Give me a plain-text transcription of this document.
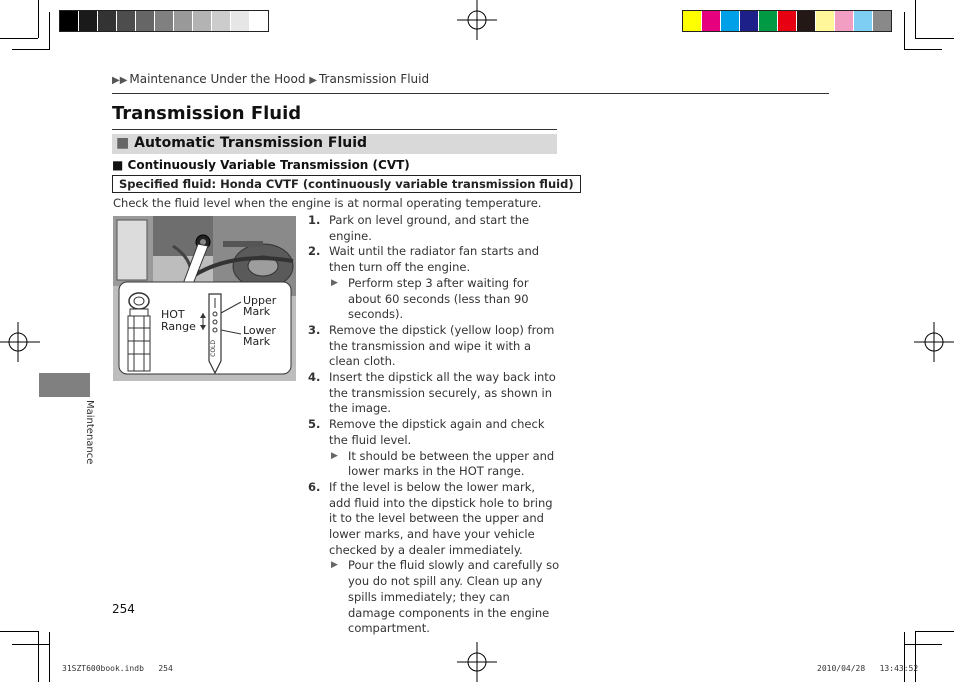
▶▶ Maintenance Under the Hood ▶ Transmission Fluid
Transmission Fluid
■ Automatic Transmission Fluid
■ Continuously Variable Transmission (CVT)
Specified fluid: Honda CVTF (continuously variable transmission fluid)
Check the fluid level when the engine is at normal operating temperature.
HOT
Range
Upper
Mark
Lower
Mark
COLD
1. Park on level ground, and start the engine.
2. Wait until the radiator fan starts and then turn off the engine.
▶ Perform step 3 after waiting for about 60 seconds (less than 90 seconds).
3. Remove the dipstick (yellow loop) from the transmission and wipe it with a clean cloth.
4. Insert the dipstick all the way back into the transmission securely, as shown in the image.
5. Remove the dipstick again and check the fluid level.
▶ It should be between the upper and lower marks in the HOT range.
6. If the level is below the lower mark, add fluid into the dipstick hole to bring it to the level between the upper and lower marks, and have your vehicle checked by a dealer immediately.
▶ Pour the fluid slowly and carefully so you do not spill any. Clean up any spills immediately; they can damage components in the engine compartment.
Maintenance
254
31SZT600book.indb   254	2010/04/28   13:43:52
